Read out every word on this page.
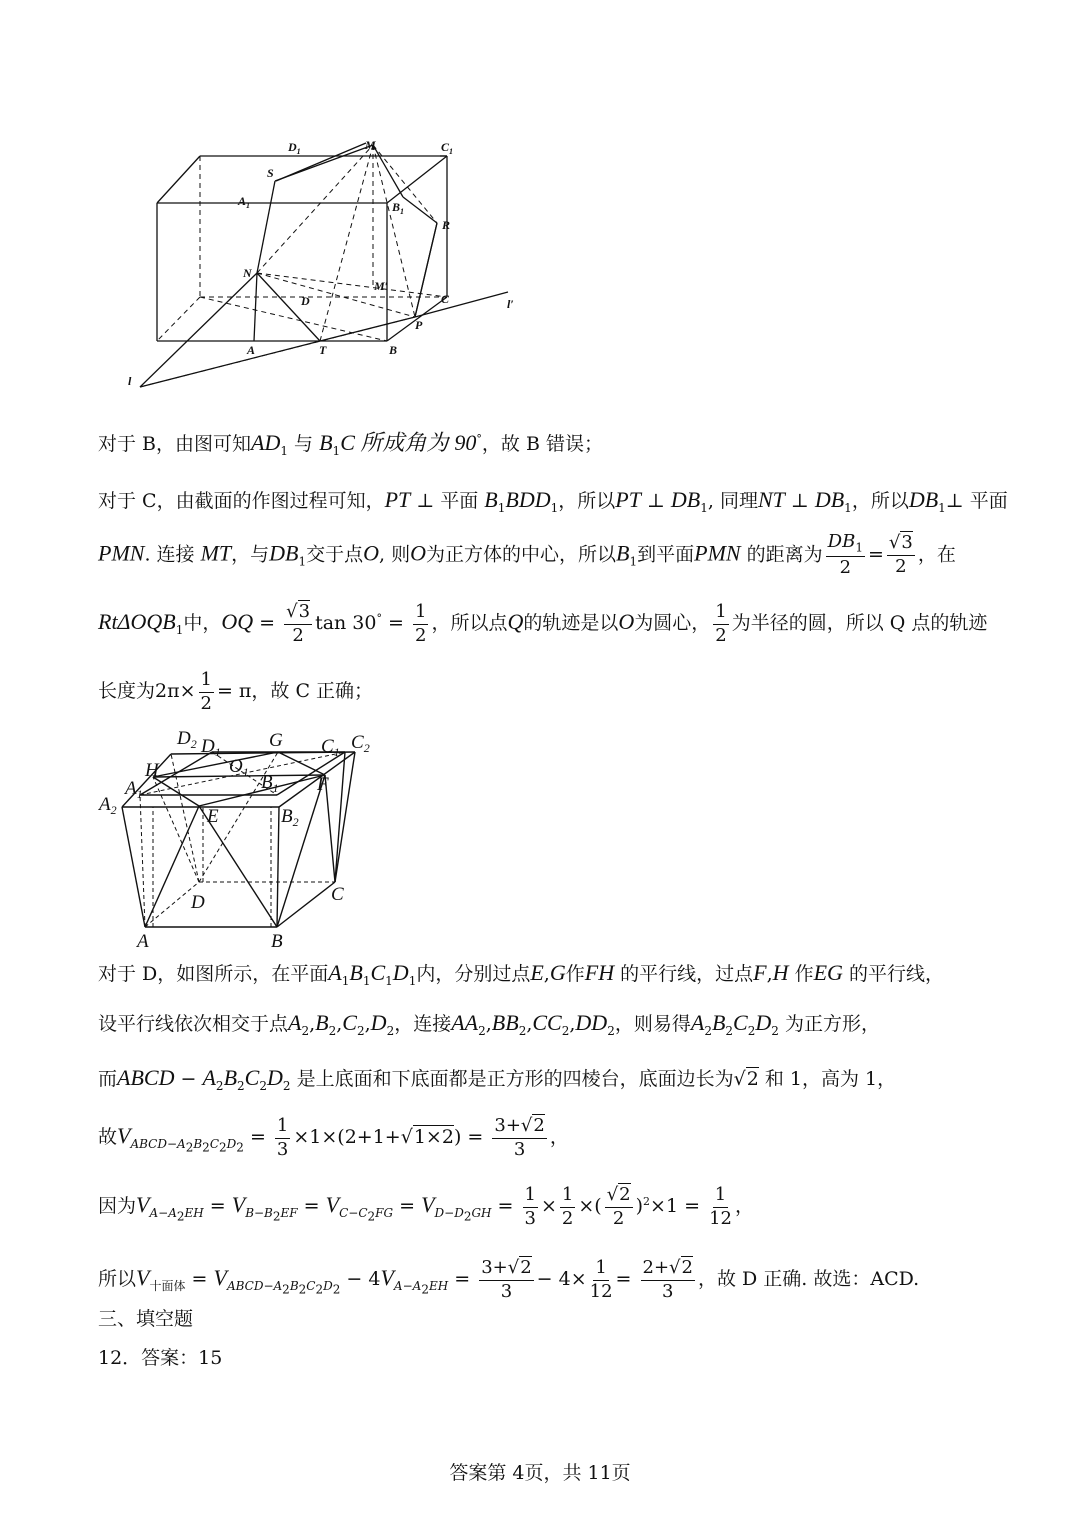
$D_1$	M	$C_1$
S
$A_1$	$B_1$
R
N
D
M′
C	l′
P
A	T	B
l
对于 B，由图可知$AD_1$ 与 $B_1C$ 所成角为 90°，故 B 错误；
对于 C，由截面的作图过程可知，PT ⊥ 平面 $B_1BDD_1$，所以PT ⊥ $DB_1$, 同理NT ⊥ $DB_1$，所以$DB_1\perp$ 平面
PMN. 连接 MT，与$DB_1$交于点O, 则O为正方体的中心，所以$B_1$到平面PMN 的距离为 $\frac{DB_1}{2} = \frac{√3}{2}$ ，在
RtΔOQB$_1$中，OQ = $\frac{√3}{2}$ $\tan 30^\circ = \frac{1}{2}$ ，所以点Q的轨迹是以O为圆心， $\frac{1}{2}$ 为半径的圆，所以 Q 点的轨迹
长度为$2\pi\times \frac{1}{2} = \pi$，故 C 正确；
$D_2$ $D_1$
G $C_1$ $C_2$
H	$O_1$
$A_1$
$B_1$ F
$A_2$	E	$B_2$
D	C
A	B
对于 D，如图所示，在平面$A_1B_1C_1D_1$内，分别过点E,G作FH 的平行线，过点F,H 作EG 的平行线，
设平行线依次相交于点$A_2,B_2,C_2,D_2$，连接$AA_2,BB_2,CC_2,DD_2$，则易得$A_2B_2C_2D_2$ 为正方形，
而ABCD − $A_2B_2C_2D_2$ 是上底面和下底面都是正方形的四棱台，底面边长为√2 和 1，高为 1，
故$V_{ABCD-A_2B_2C_2D_2} = \frac{1}{3} \times 1\times(2+1+√1\times 2) = \frac{3+√2}{3}$ ，
因为$V_{A-A_2EH} = V_{B-B_2EF} = V_{C-C_2FG} = V_{D-D_2GH} = \frac{1}{3} \times \frac{1}{2}$ ×( $\frac{√2}{2} )^2\times 1 = \frac{1}{12}$ ，
所以$V_{十面体} = V_{ABCD-A_2B_2C_2D_2} - 4V_{A-A_2EH} = \frac{3+√2}{3} - 4\times \frac{1}{12} = \frac{2+√2}{3}$ ，故 D 正确. 故选：ACD.
三、填空题
12．答案：15
答案第 4页，共 11页
